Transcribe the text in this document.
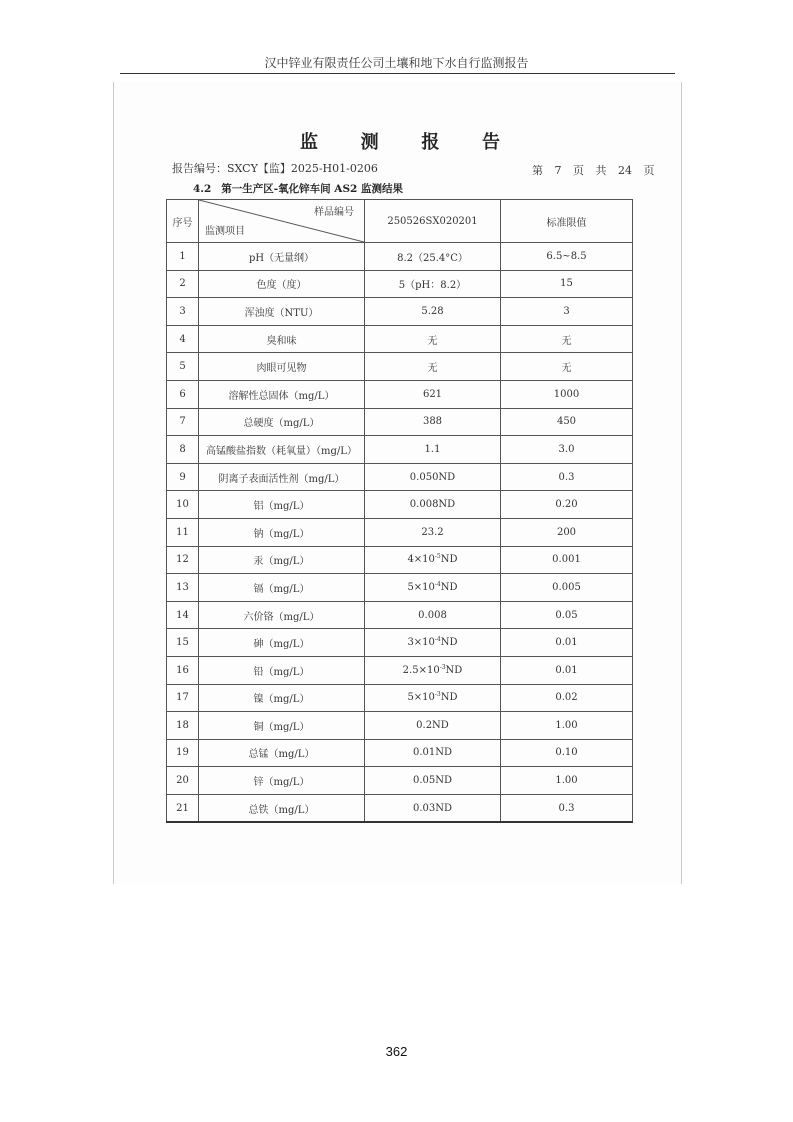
汉中锌业有限责任公司土壤和地下水自行监测报告
监 测 报 告
报告编号：SXCY【监】2025-H01-0206	第 7 页 共 24 页
4.2 第一生产区-氧化锌车间 AS2 监测结果
序号	样品编号
监测项目	250526SX020201	标准限值
1	pH（无量纲）	8.2（25.4°C）	6.5~8.5
2	色度（度）	5（pH：8.2）	15
3	浑浊度（NTU）	5.28	3
4	臭和味	无	无
5	肉眼可见物	无	无
6	溶解性总固体（mg/L）	621	1000
7	总硬度（mg/L）	388	450
8	高锰酸盐指数（耗氧量）（mg/L）	1.1	3.0
9	阴离子表面活性剂（mg/L）	0.050ND	0.3
10	铝（mg/L）	0.008ND	0.20
11	钠（mg/L）	23.2	200
12	汞（mg/L）	$4\times 10^{-5}ND$	0.001
13	镉（mg/L）	$5\times 10^{-4}ND$	0.005
14	六价铬（mg/L）	0.008	0.05
15	砷（mg/L）	$3\times 10^{-4}ND$	0.01
16	铅（mg/L）	$2.5\times 10^{-3}ND$	0.01
17	镍（mg/L）	$5\times 10^{-3}ND$	0.02
18	铜（mg/L）	0.2ND	1.00
19	总锰（mg/L）	0.01ND	0.10
20	锌（mg/L）	0.05ND	1.00
21	总铁（mg/L）	0.03ND	0.3
362
